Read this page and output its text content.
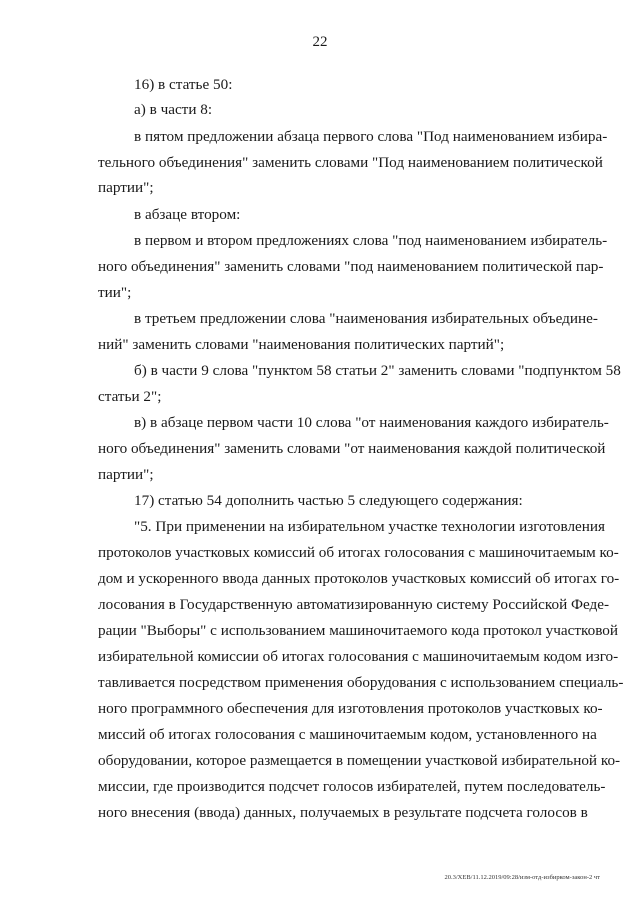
22
16) в статье 50:
а) в части 8:
в пятом предложении абзаца первого слова "Под наименованием избира-
тельного объединения" заменить словами "Под наименованием политической
партии";
в абзаце втором:
в первом и втором предложениях слова "под наименованием избиратель-
ного объединения" заменить словами "под наименованием политической пар-
тии";
в третьем предложении слова "наименования избирательных объедине-
ний" заменить словами "наименования политических партий";
б) в части 9 слова "пунктом 58 статьи 2" заменить словами "подпунктом 58
статьи 2";
в) в абзаце первом части 10 слова "от наименования каждого избиратель-
ного объединения" заменить словами "от наименования каждой политической
партии";
17) статью 54 дополнить частью 5 следующего содержания:
"5. При применении на избирательном участке технологии изготовления
протоколов участковых комиссий об итогах голосования с машиночитаемым ко-
дом и ускоренного ввода данных протоколов участковых комиссий об итогах го-
лосования в Государственную автоматизированную систему Российской Феде-
рации "Выборы" с использованием машиночитаемого кода протокол участковой
избирательной комиссии об итогах голосования с машиночитаемым кодом изго-
тавливается посредством применения оборудования с использованием специаль-
ного программного обеспечения для изготовления протоколов участковых ко-
миссий об итогах голосования с машиночитаемым кодом, установленного на
оборудовании, которое размещается в помещении участковой избирательной ко-
миссии, где производится подсчет голосов избирателей, путем последователь-
ного внесения (ввода) данных, получаемых в результате подсчета голосов в
20.3/ХЕВ/11.12.2019/09:28/изм-отд-избирком-закон-2 чт
